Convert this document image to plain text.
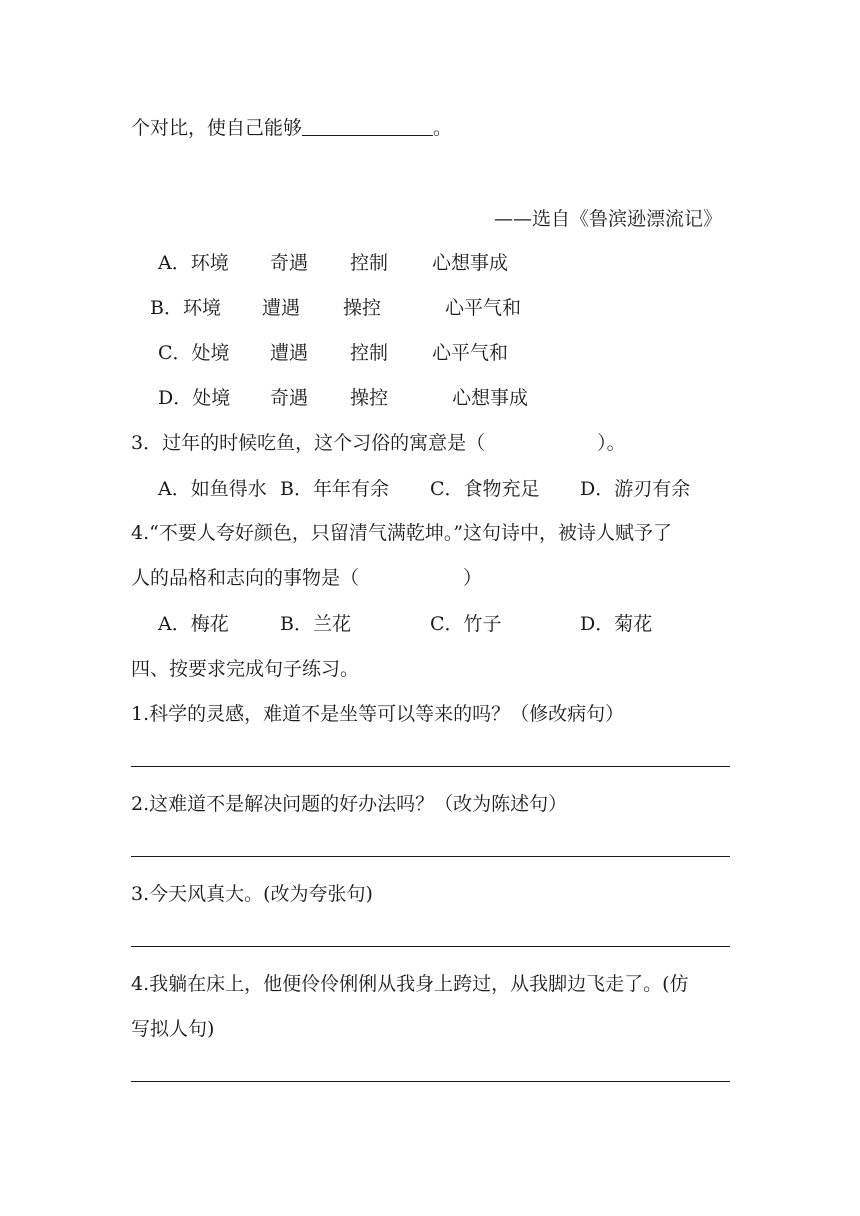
个对比，使自己能够	。
——选自《鲁滨逊漂流记》
A．环境 奇遇 控制 心想事成
B．环境 遭遇 操控	心平气和
C．处境 遭遇 控制 心平气和
D．处境 奇遇 操控	心想事成
3．过年的时候吃鱼，这个习俗的寓意是（	）。
A．如鱼得水 B．年年有余 C．食物充足 D．游刃有余
4.“不要人夸好颜色，只留清气满乾坤。”这句诗中，被诗人赋予了
人的品格和志向的事物是（	）
A．梅花	B．兰花	C．竹子	D．菊花
四、按要求完成句子练习。
1.科学的灵感，难道不是坐等可以等来的吗？（修改病句）
2.这难道不是解决问题的好办法吗？（改为陈述句）
3.今天风真大。(改为夸张句)
4.我躺在床上，他便伶伶俐俐从我身上跨过，从我脚边飞走了。(仿
写拟人句)
